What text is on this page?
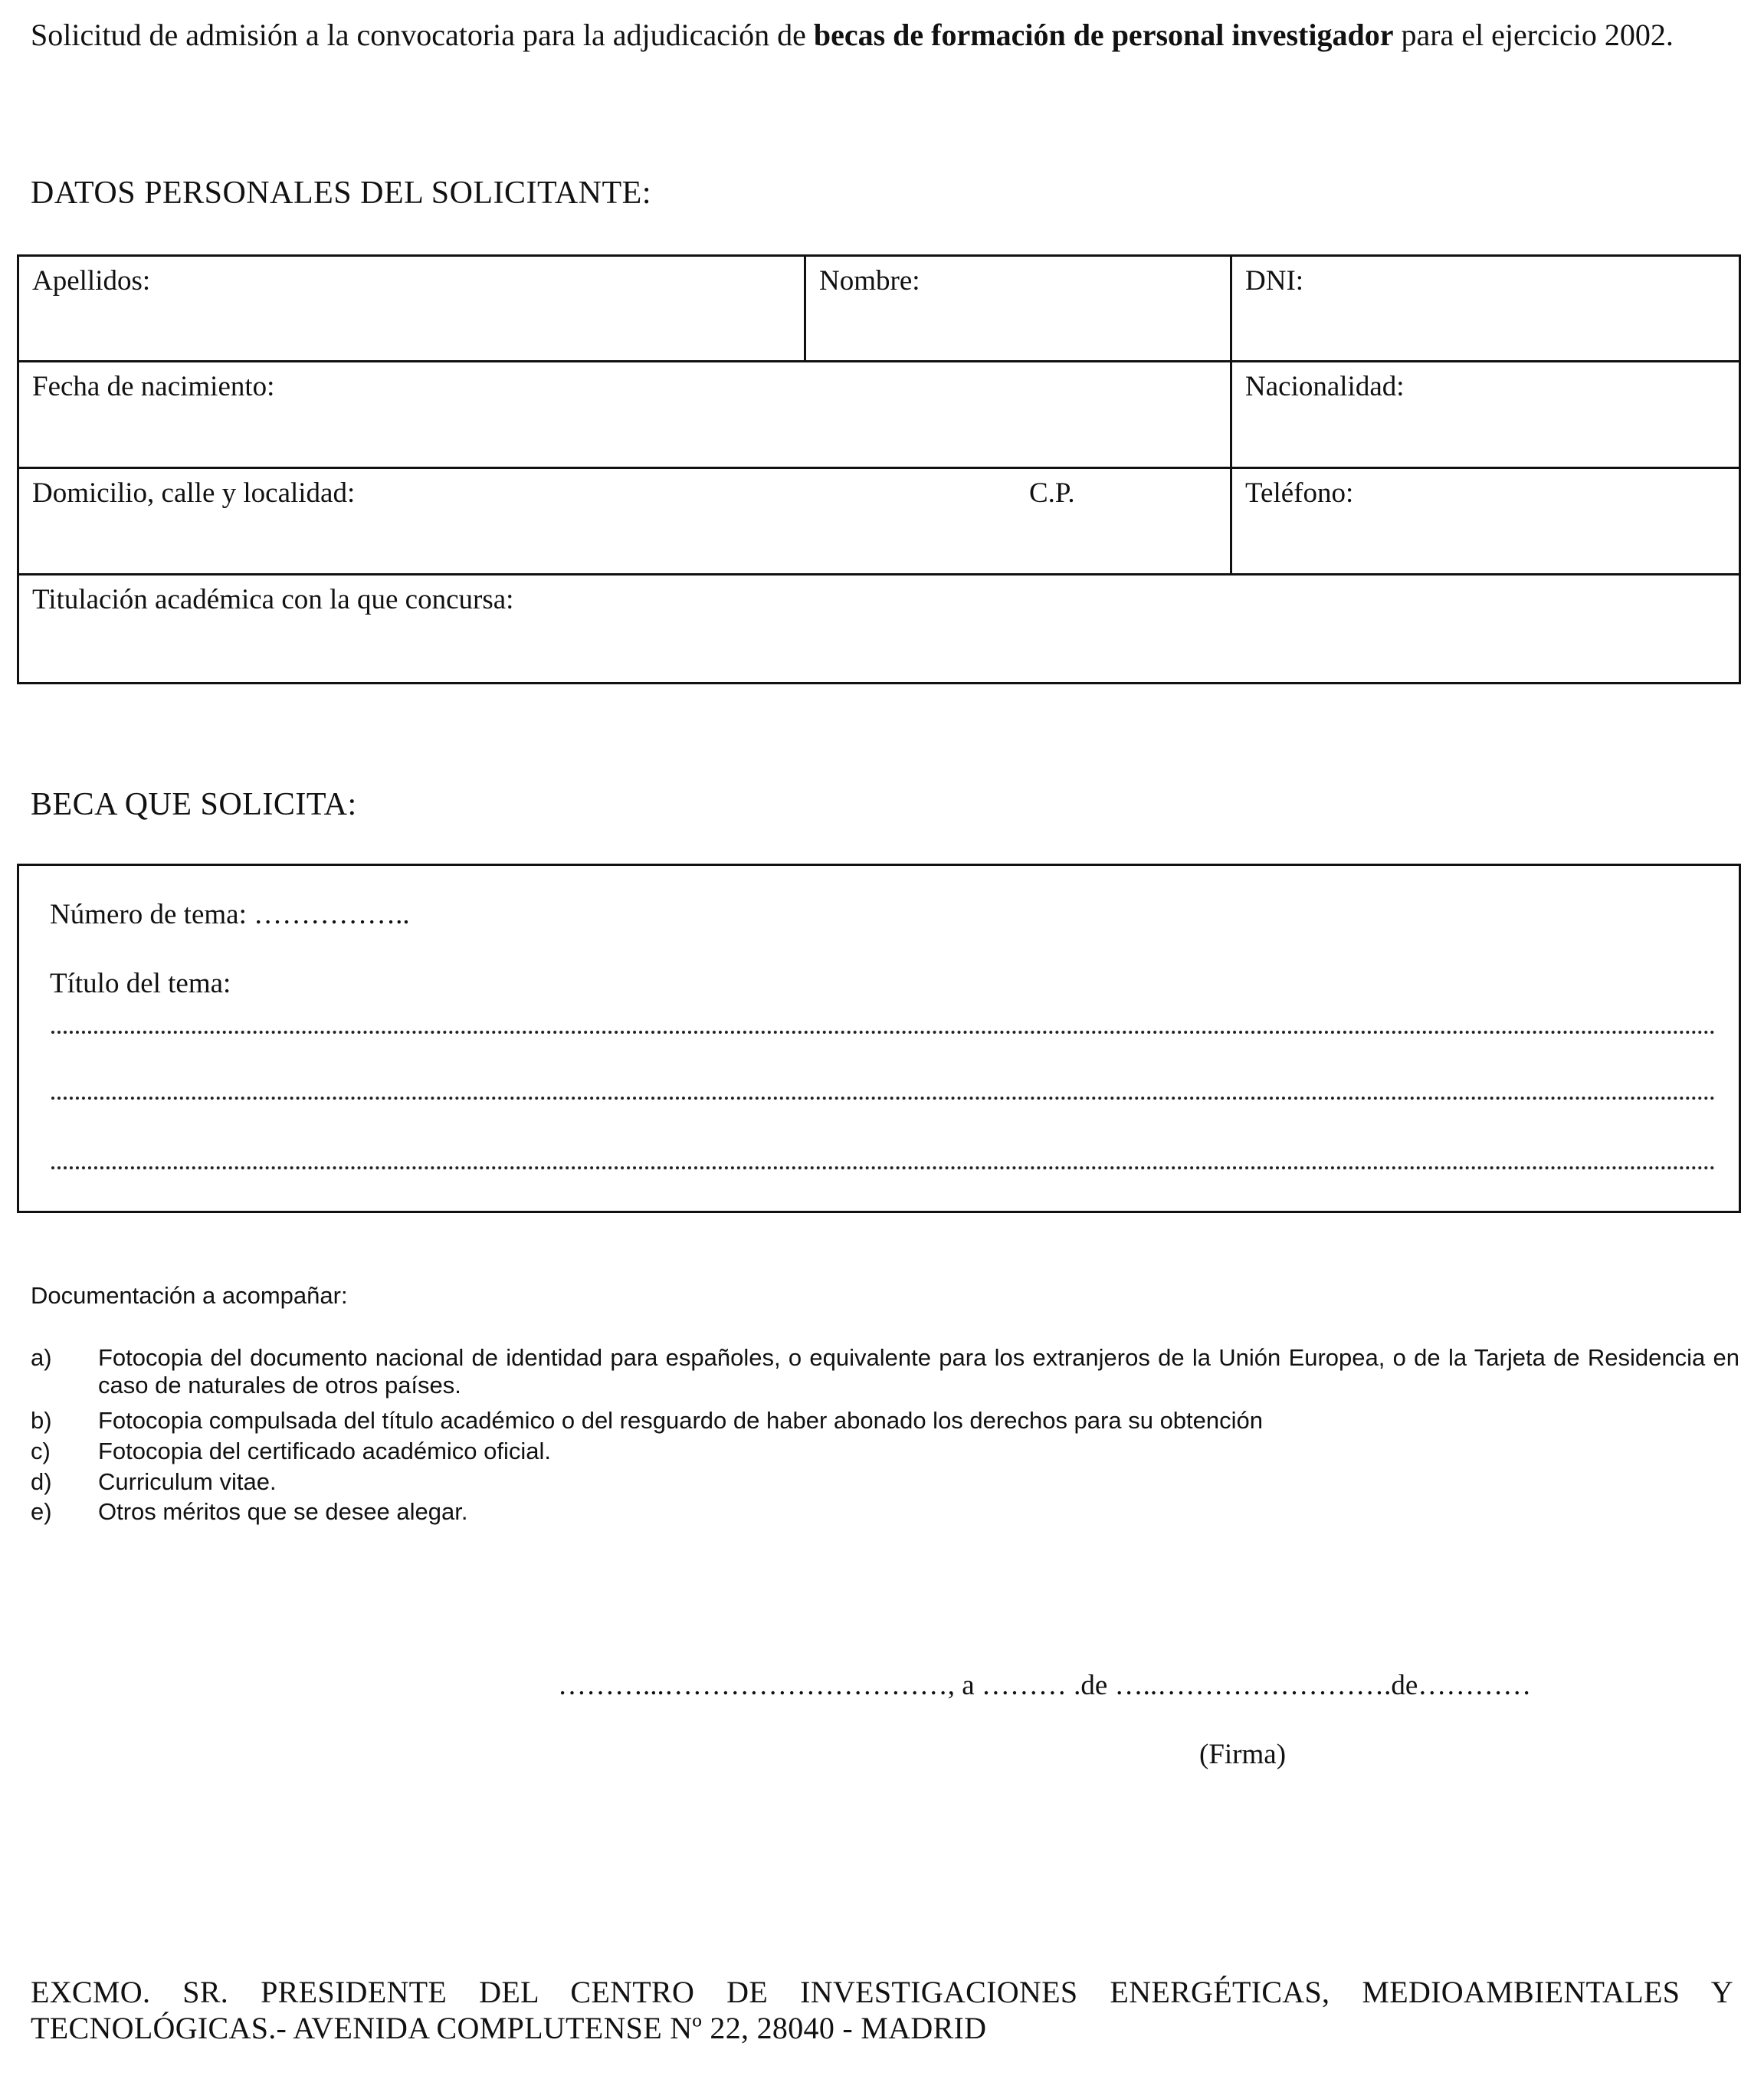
Solicitud de admisión a la convocatoria para la adjudicación de becas de formación de personal investigador para el ejercicio 2002.
DATOS PERSONALES DEL SOLICITANTE:
Apellidos:	Nombre:	DNI:
Fecha de nacimiento:	Nacionalidad:
Domicilio, calle y localidad:	C.P.	Teléfono:
Titulación académica con la que concursa:
BECA QUE SOLICITA:
Número de tema: ……………..
Título del tema:
Documentación a acompañar:
a) Fotocopia del documento nacional de identidad para españoles, o equivalente para los extranjeros de la Unión Europea, o de la Tarjeta de Residencia en caso de naturales de otros países.
b) Fotocopia compulsada del título académico o del resguardo de haber abonado los derechos para su obtención
c) Fotocopia del certificado académico oficial.
d) Curriculum vitae.
e) Otros méritos que se desee alegar.
………...…………………………, a ……… .de …..…………………….de…………
(Firma)
EXCMO. SR. PRESIDENTE DEL CENTRO DE INVESTIGACIONES ENERGÉTICAS, MEDIOAMBIENTALES Y TECNOLÓGICAS.- AVENIDA COMPLUTENSE Nº 22, 28040 - MADRID
